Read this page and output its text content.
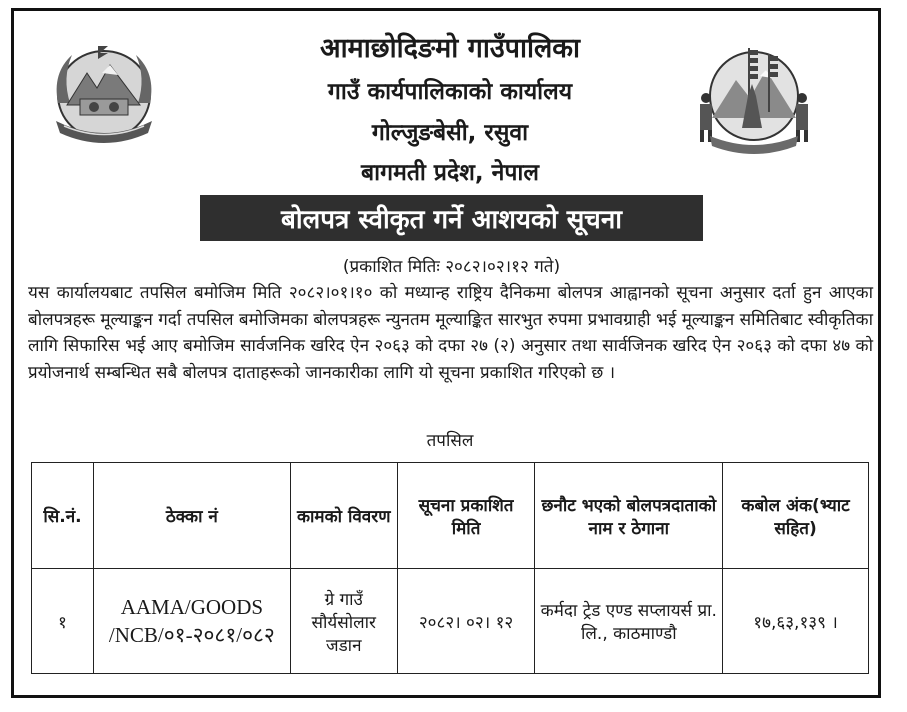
आमाछोदिङमो गाउँपालिका
गाउँ कार्यपालिकाको कार्यालय
गोल्जुङबेसी, रसुवा
बागमती प्रदेश, नेपाल
बोलपत्र स्वीकृत गर्ने आशयको सूचना
(प्रकाशित मितिः २०८२।०२।१२ गते)
यस कार्यालयबाट तपसिल बमोजिम मिति २०८२।०१।१० को मध्यान्ह राष्ट्रिय दैनिकमा बोलपत्र आह्वानको सूचना अनुसार दर्ता हुन आएका बोलपत्रहरू मूल्याङ्कन गर्दा तपसिल बमोजिमका बोलपत्रहरू न्युनतम मूल्याङ्कित सारभुत रुपमा प्रभावग्राही भई मूल्याङ्कन समितिबाट स्वीकृतिका लागि सिफारिस भई आए बमोजिम सार्वजनिक खरिद ऐन २०६३ को दफा २७ (२) अनुसार तथा सार्वजिनक खरिद ऐन २०६३ को दफा ४७ को प्रयोजनार्थ सम्बन्धित सबै बोलपत्र दाताहरूको जानकारीका लागि यो सूचना प्रकाशित गरिएको छ ।
तपसिल
सि.नं.	ठेक्का नं	कामको विवरण	सूचना प्रकाशित मिति	छनौट भएको बोलपत्रदाताको नाम र ठेगाना	कबोल अंक(भ्याट सहित)
१	AAMA/GOODS /NCB/०१-२०८१/०८२	ग्रे गाउँ सौर्यसोलार जडान	२०८२। ०२। १२	कर्मदा ट्रेड एण्ड सप्लायर्स प्रा. लि., काठमाण्डौ	१७,६३,१३९ ।
